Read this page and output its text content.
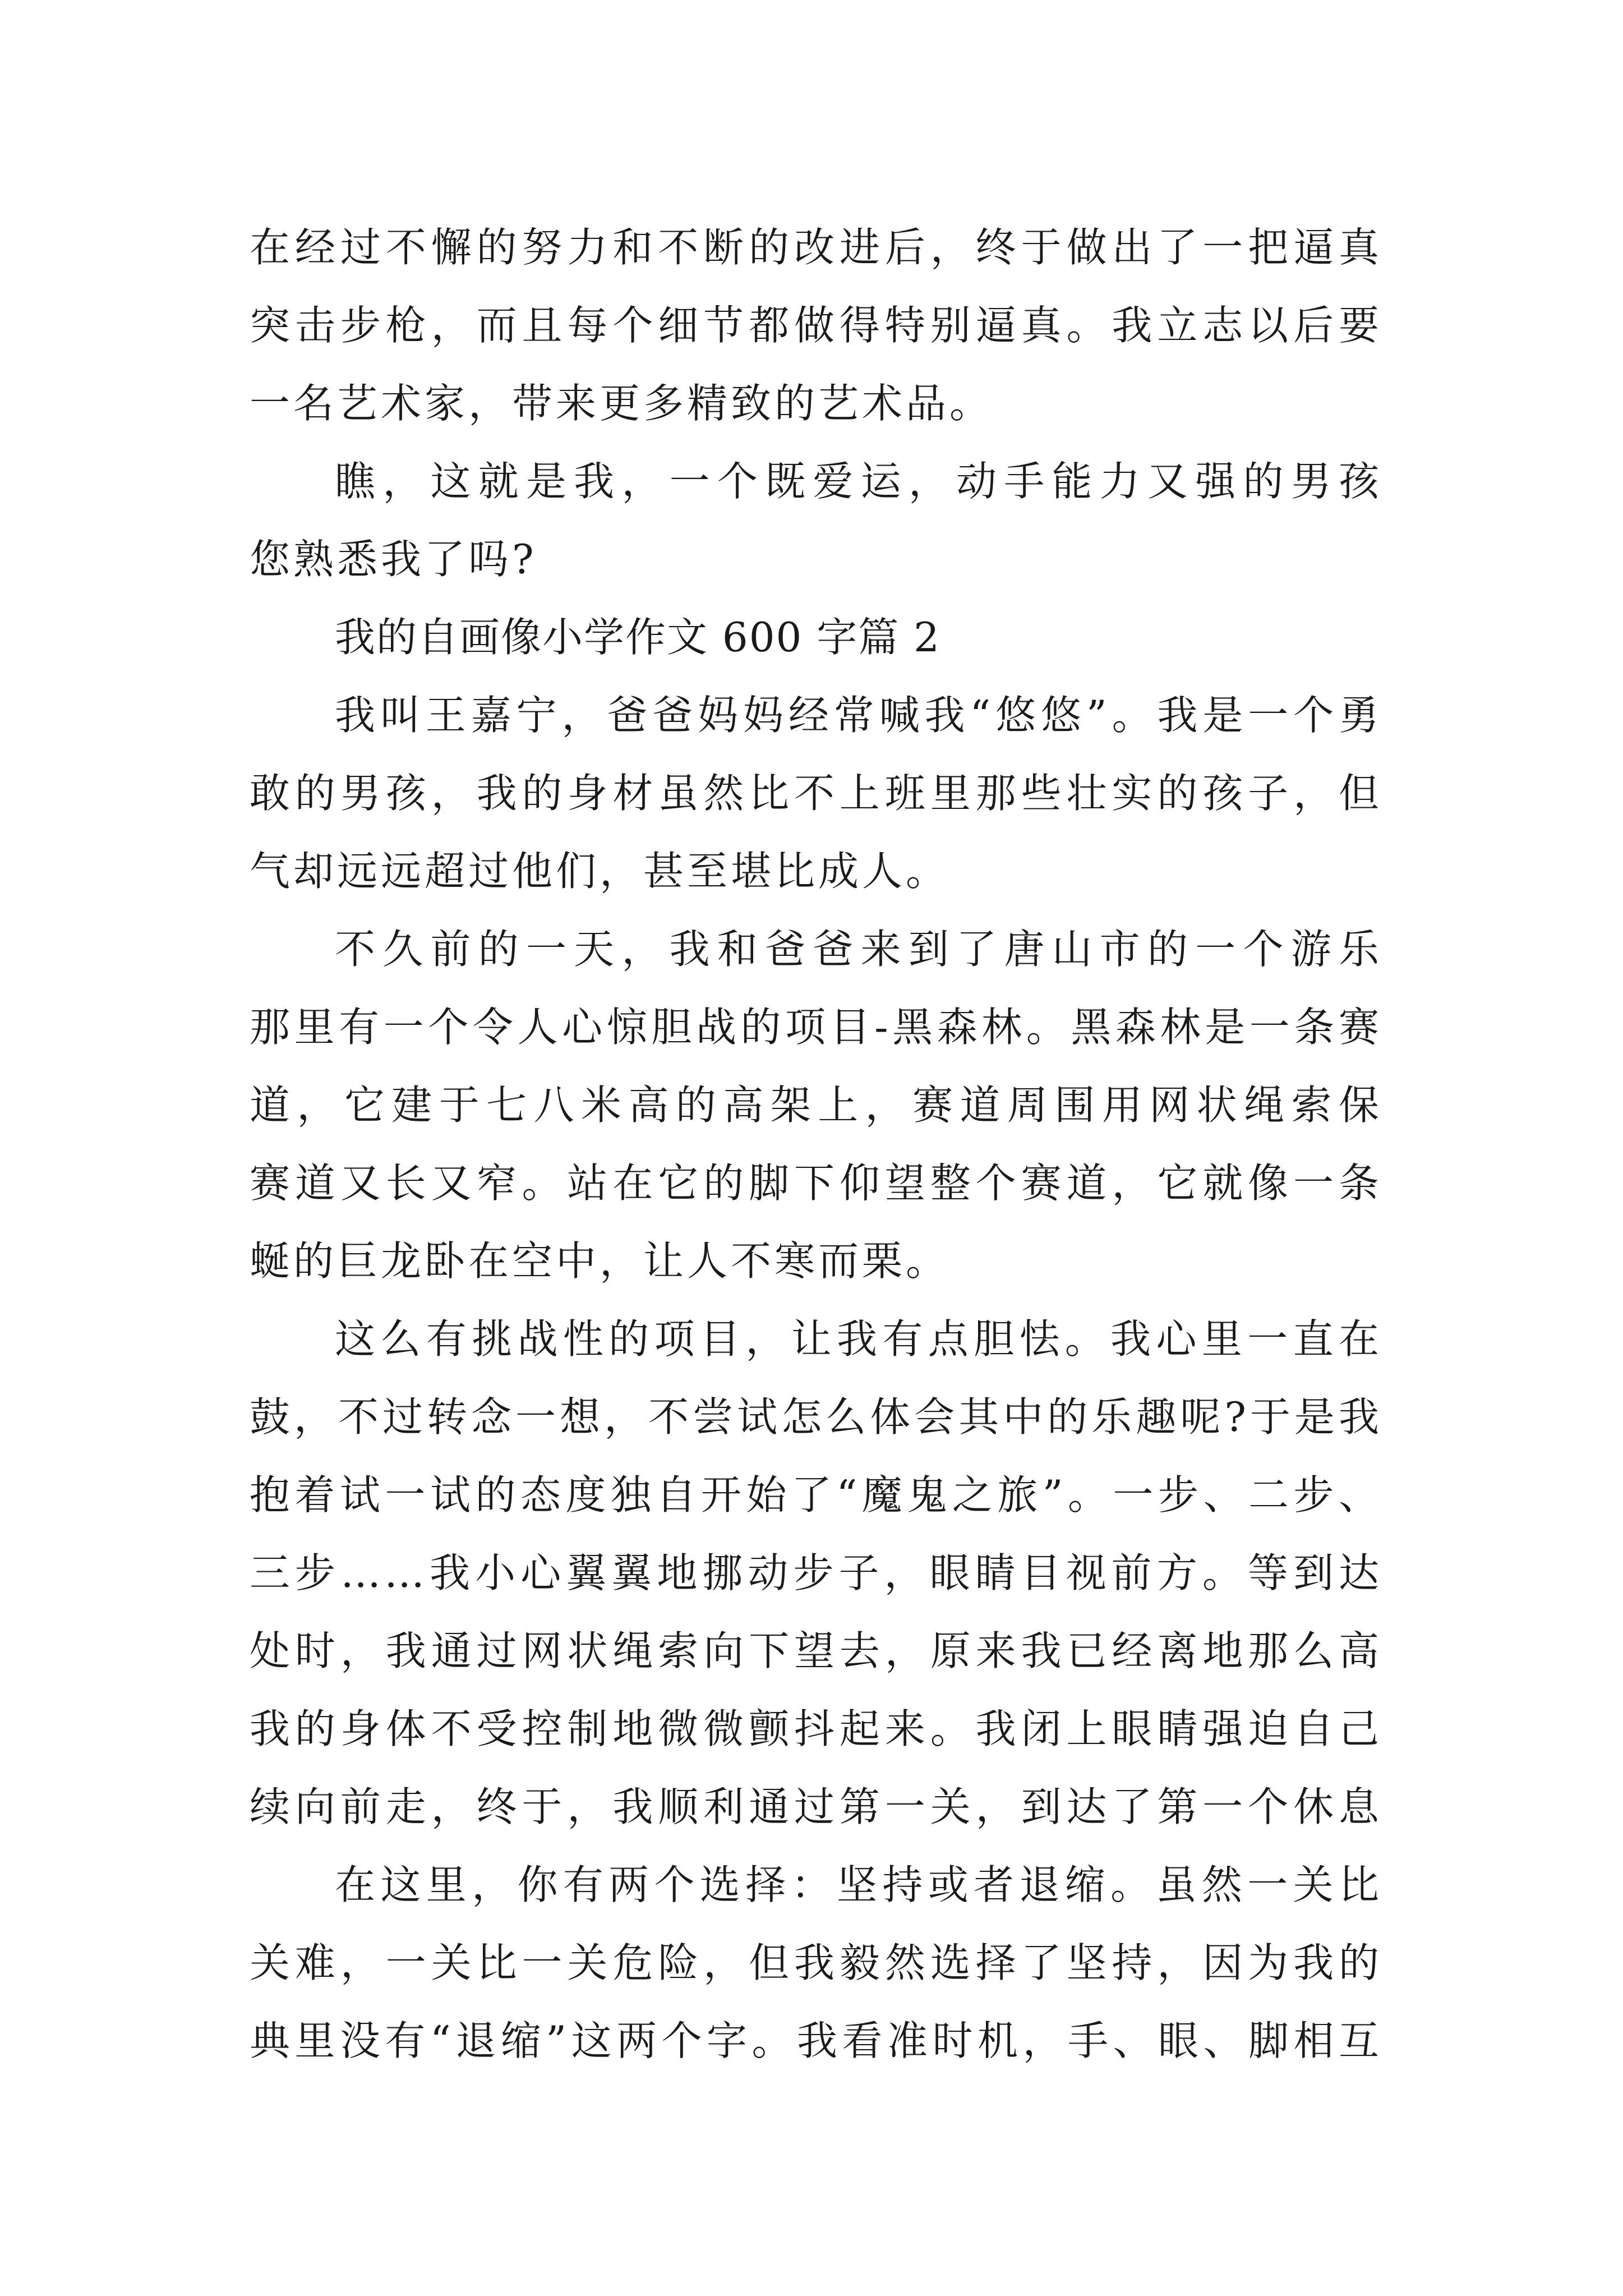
在经过不懈的努力和不断的改进后，终于做出了一把逼真
突击步枪，而且每个细节都做得特别逼真。我立志以后要
一名艺术家，带来更多精致的艺术品。
瞧，这就是我，一个既爱运，动手能力又强的男孩
您熟悉我了吗?
我的自画像小学作文 600 字篇 2
我叫王嘉宁，爸爸妈妈经常喊我“悠悠”。我是一个勇
敢的男孩，我的身材虽然比不上班里那些壮实的孩子，但
气却远远超过他们，甚至堪比成人。
不久前的一天，我和爸爸来到了唐山市的一个游乐
那里有一个令人心惊胆战的项目-黑森林。黑森林是一条赛
道，它建于七八米高的高架上，赛道周围用网状绳索保
赛道又长又窄。站在它的脚下仰望整个赛道，它就像一条
蜒的巨龙卧在空中，让人不寒而栗。
这么有挑战性的项目，让我有点胆怯。我心里一直在
鼓，不过转念一想，不尝试怎么体会其中的乐趣呢?于是我
抱着试一试的态度独自开始了“魔鬼之旅”。一步、二步、
三步……我小心翼翼地挪动步子，眼睛目视前方。等到达
处时，我通过网状绳索向下望去，原来我已经离地那么高
我的身体不受控制地微微颤抖起来。我闭上眼睛强迫自己
续向前走，终于，我顺利通过第一关，到达了第一个休息
在这里，你有两个选择：坚持或者退缩。虽然一关比
关难，一关比一关危险，但我毅然选择了坚持，因为我的
典里没有“退缩”这两个字。我看准时机，手、眼、脚相互
